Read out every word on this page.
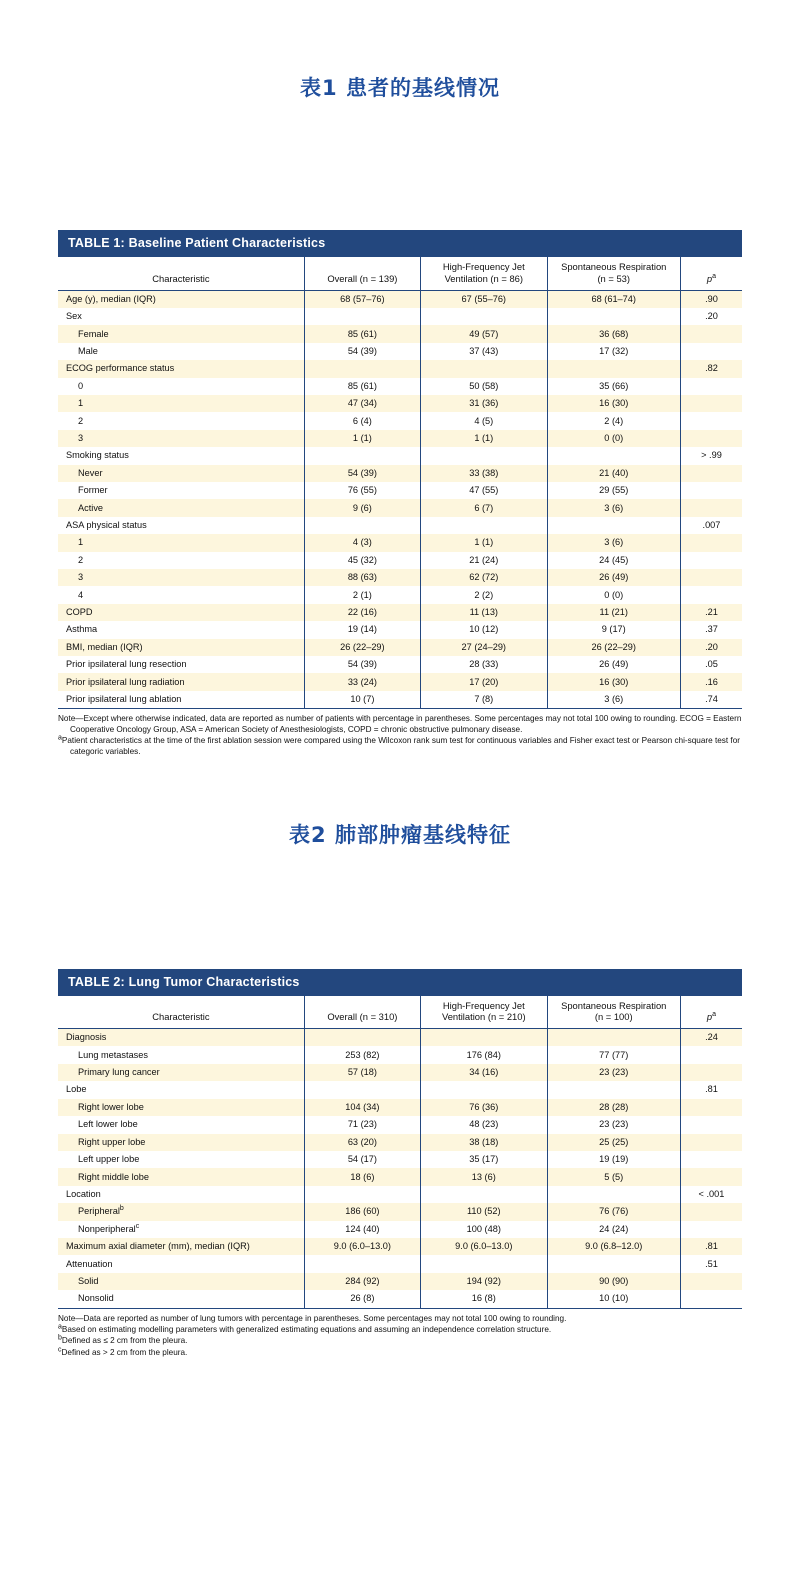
表1 患者的基线情况
TABLE 1: Baseline Patient Characteristics
Characteristic	Overall (n = 139)	High-Frequency Jet
Ventilation (n = 86)	Spontaneous Respiration
(n = 53)	$p^a$
Age (y), median (IQR)	68 (57–76)	67 (55–76)	68 (61–74)	.90
Sex				.20
Female	85 (61)	49 (57)	36 (68)	
Male	54 (39)	37 (43)	17 (32)	
ECOG performance status				.82
0	85 (61)	50 (58)	35 (66)	
1	47 (34)	31 (36)	16 (30)	
2	6 (4)	4 (5)	2 (4)	
3	1 (1)	1 (1)	0 (0)	
Smoking status				> .99
Never	54 (39)	33 (38)	21 (40)	
Former	76 (55)	47 (55)	29 (55)	
Active	9 (6)	6 (7)	3 (6)	
ASA physical status				.007
1	4 (3)	1 (1)	3 (6)	
2	45 (32)	21 (24)	24 (45)	
3	88 (63)	62 (72)	26 (49)	
4	2 (1)	2 (2)	0 (0)	
COPD	22 (16)	11 (13)	11 (21)	.21
Asthma	19 (14)	10 (12)	9 (17)	.37
BMI, median (IQR)	26 (22–29)	27 (24–29)	26 (22–29)	.20
Prior ipsilateral lung resection	54 (39)	28 (33)	26 (49)	.05
Prior ipsilateral lung radiation	33 (24)	17 (20)	16 (30)	.16
Prior ipsilateral lung ablation	10 (7)	7 (8)	3 (6)	.74
Note—Except where otherwise indicated, data are reported as number of patients with percentage in parentheses. Some percentages may not total 100 owing to rounding. ECOG = Eastern Cooperative Oncology Group, ASA = American Society of Anesthesiologists, COPD = chronic obstructive pulmonary disease.
$^a$Patient characteristics at the time of the first ablation session were compared using the Wilcoxon rank sum test for continuous variables and Fisher exact test or Pearson chi-square test for categoric variables.
表2 肺部肿瘤基线特征
TABLE 2: Lung Tumor Characteristics
Characteristic	Overall (n = 310)	High-Frequency Jet
Ventilation (n = 210)	Spontaneous Respiration
(n = 100)	$p^a$
Diagnosis				.24
Lung metastases	253 (82)	176 (84)	77 (77)	
Primary lung cancer	57 (18)	34 (16)	23 (23)	
Lobe				.81
Right lower lobe	104 (34)	76 (36)	28 (28)	
Left lower lobe	71 (23)	48 (23)	23 (23)	
Right upper lobe	63 (20)	38 (18)	25 (25)	
Left upper lobe	54 (17)	35 (17)	19 (19)	
Right middle lobe	18 (6)	13 (6)	5 (5)	
Location				< .001
Peripheral$^b$	186 (60)	110 (52)	76 (76)	
Nonperipheral$^c$	124 (40)	100 (48)	24 (24)	
Maximum axial diameter (mm), median (IQR)	9.0 (6.0–13.0)	9.0 (6.0–13.0)	9.0 (6.8–12.0)	.81
Attenuation				.51
Solid	284 (92)	194 (92)	90 (90)	
Nonsolid	26 (8)	16 (8)	10 (10)	
Note—Data are reported as number of lung tumors with percentage in parentheses. Some percentages may not total 100 owing to rounding.
$^a$Based on estimating modelling parameters with generalized estimating equations and assuming an independence correlation structure.
$^b$Defined as ≤ 2 cm from the pleura.
$^c$Defined as > 2 cm from the pleura.
